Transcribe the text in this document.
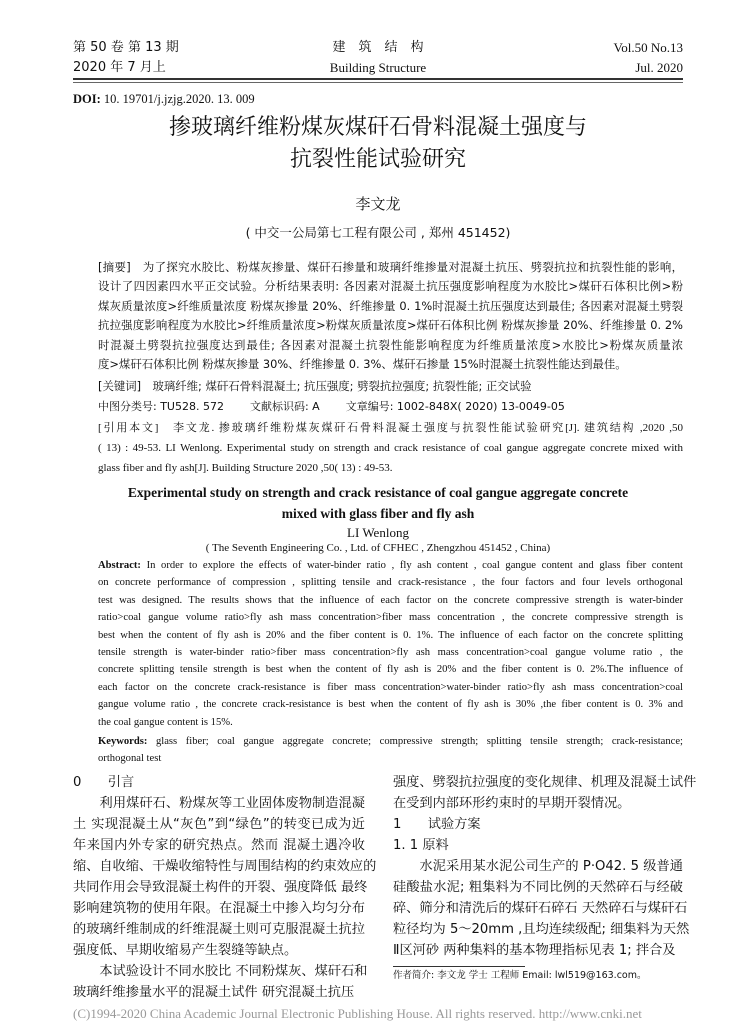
第 50 卷 第 13 期
2020 年 7 月上
建　筑　结　构
Building Structure
Vol.50 No.13
Jul. 2020
DOI: 10. 19701/j.jzjg.2020. 13. 009
掺玻璃纤维粉煤灰煤矸石骨料混凝土强度与
抗裂性能试验研究
李文龙
( 中交一公局第七工程有限公司 , 郑州 451452)
[摘要]　为了探究水胶比、粉煤灰掺量、煤矸石掺量和玻璃纤维掺量对混凝土抗压、劈裂抗拉和抗裂性能的影响，
设计了四因素四水平正交试验。分析结果表明: 各因素对混凝土抗压强度影响程度为水胶比>煤矸石体积比例>粉
煤灰质量浓度>纤维质量浓度 粉煤灰掺量 20%、纤维掺量 0. 1%时混凝土抗压强度达到最佳; 各因素对混凝土劈裂
抗拉强度影响程度为水胶比>纤维质量浓度>粉煤灰质量浓度>煤矸石体积比例 粉煤灰掺量 20%、纤维掺量 0. 2%
时混凝土劈裂抗拉强度达到最佳; 各因素对混凝土抗裂性能影响程度为纤维质量浓度>水胶比>粉煤灰质量浓
度>煤矸石体积比例 粉煤灰掺量 30%、纤维掺量 0. 3%、煤矸石掺量 15%时混凝土抗裂性能达到最佳。
[关键词]　玻璃纤维; 煤矸石骨料混凝土; 抗压强度; 劈裂抗拉强度; 抗裂性能; 正交试验
中图分类号: TU528. 572 文献标识码: A 文章编号: 1002-848X( 2020) 13-0049-05
[引用本文]　李文龙. 掺玻璃纤维粉煤灰煤矸石骨料混凝土强度与抗裂性能试验研究[J]. 建筑结构 ,2020 ,50
( 13) : 49-53. LI Wenlong. Experimental study on strength and crack resistance of coal gangue aggregate concrete mixed with
glass fiber and fly ash[J]. Building Structure 2020 ,50( 13) : 49-53.
Experimental study on strength and crack resistance of coal gangue aggregate concrete
mixed with glass fiber and fly ash
LI Wenlong
( The Seventh Engineering Co. , Ltd. of CFHEC , Zhengzhou 451452 , China)
Abstract: In order to explore the effects of water-binder ratio , fly ash content , coal gangue content and glass fiber content
on concrete performance of compression , splitting tensile and crack-resistance , the four factors and four levels orthogonal
test was designed. The results shows that the influence of each factor on the concrete compressive strength is water-binder
ratio>coal gangue volume ratio>fly ash mass concentration>fiber mass concentration , the concrete compressive strength is
best when the content of fly ash is 20% and the fiber content is 0. 1%. The influence of each factor on the concrete splitting
tensile strength is water-binder ratio>fiber mass concentration>fly ash mass concentration>coal gangue volume ratio , the
concrete splitting tensile strength is best when the content of fly ash is 20% and the fiber content is 0. 2%.The influence of
each factor on the concrete crack-resistance is fiber mass concentration>water-binder ratio>fly ash mass concentration>coal
gangue volume ratio , the concrete crack-resistance is best when the content of fly ash is 30% ,the fiber content is 0. 3% and
the coal gangue content is 15%.
Keywords: glass fiber; coal gangue aggregate concrete; compressive strength; splitting tensile strength; crack-resistance;
orthogonal test
0　　引言
　　利用煤矸石、粉煤灰等工业固体废物制造混凝
土 实现混凝土从“灰色”到“绿色”的转变已成为近
年来国内外专家的研究热点。然而 混凝土遇冷收
缩、自收缩、干燥收缩特性与周围结构的约束效应的
共同作用会导致混凝土构件的开裂、强度降低 最终
影响建筑物的使用年限。在混凝土中掺入均匀分布
的玻璃纤维制成的纤维混凝土则可克服混凝土抗拉
强度低、早期收缩易产生裂缝等缺点。
　　本试验设计不同水胶比 不同粉煤灰、煤矸石和
玻璃纤维掺量水平的混凝土试件 研究混凝土抗压
强度、劈裂抗拉强度的变化规律、机理及混凝土试件
在受到内部环形约束时的早期开裂情况。
1　　试验方案
1. 1 原料
　　水泥采用某水泥公司生产的 P·O42. 5 级普通
硅酸盐水泥; 粗集料为不同比例的天然碎石与经破
碎、筛分和清洗后的煤矸石碎石 天然碎石与煤矸石
粒径均为 5～20mm ,且均连续级配; 细集料为天然
Ⅱ区河砂 两种集料的基本物理指标见表 1; 拌合及
作者简介: 李文龙 学士 工程师 Email: lwl519@163.com。
(C)1994-2020 China Academic Journal Electronic Publishing House. All rights reserved. http://www.cnki.net
